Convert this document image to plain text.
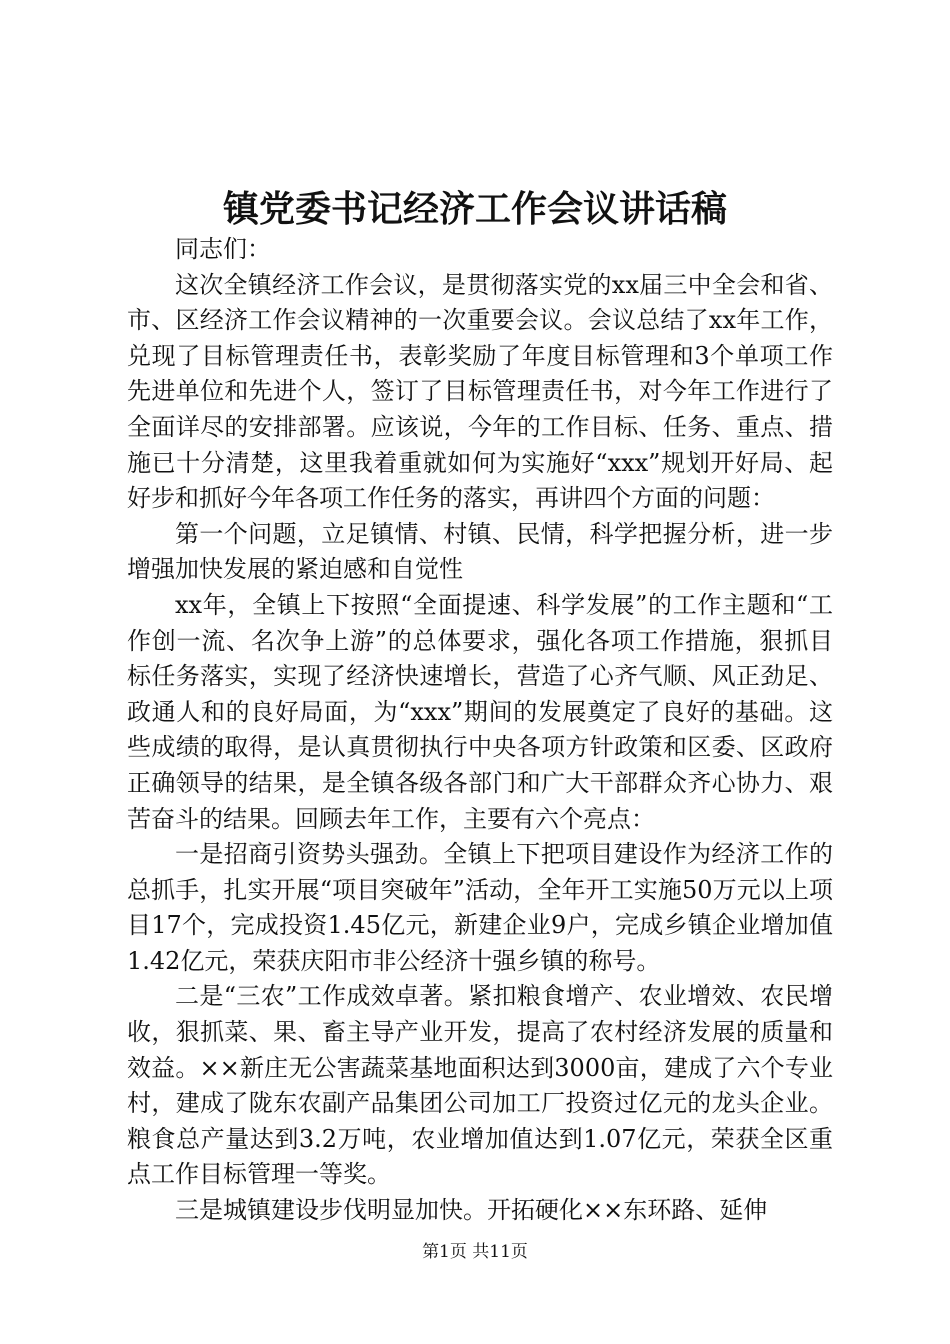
镇党委书记经济工作会议讲话稿

同志们：

这次全镇经济工作会议，是贯彻落实党的xx届三中全会和省、市、区经济工作会议精神的一次重要会议。会议总结了xx年工作，兑现了目标管理责任书，表彰奖励了年度目标管理和3个单项工作先进单位和先进个人，签订了目标管理责任书，对今年工作进行了全面详尽的安排部署。应该说，今年的工作目标、任务、重点、措施已十分清楚，这里我着重就如何为实施好“xxx”规划开好局、起好步和抓好今年各项工作任务的落实，再讲四个方面的问题：

第一个问题，立足镇情、村镇、民情，科学把握分析，进一步增强加快发展的紧迫感和自觉性

xx年，全镇上下按照“全面提速、科学发展”的工作主题和“工作创一流、名次争上游”的总体要求，强化各项工作措施，狠抓目标任务落实，实现了经济快速增长，营造了心齐气顺、风正劲足、政通人和的良好局面，为“xxx”期间的发展奠定了良好的基础。这些成绩的取得，是认真贯彻执行中央各项方针政策和区委、区政府正确领导的结果，是全镇各级各部门和广大干部群众齐心协力、艰苦奋斗的结果。回顾去年工作，主要有六个亮点：

一是招商引资势头强劲。全镇上下把项目建设作为经济工作的总抓手，扎实开展“项目突破年”活动，全年开工实施50万元以上项目17个，完成投资1.45亿元，新建企业9户，完成乡镇企业增加值1.42亿元，荣获庆阳市非公经济十强乡镇的称号。

二是“三农”工作成效卓著。紧扣粮食增产、农业增效、农民增收，狠抓菜、果、畜主导产业开发，提高了农村经济发展的质量和效益。××新庄无公害蔬菜基地面积达到3000亩，建成了六个专业村，建成了陇东农副产品集团公司加工厂投资过亿元的龙头企业。粮食总产量达到3.2万吨，农业增加值达到1.07亿元，荣获全区重点工作目标管理一等奖。

三是城镇建设步伐明显加快。开拓硬化××东环路、延伸

第1页 共11页
